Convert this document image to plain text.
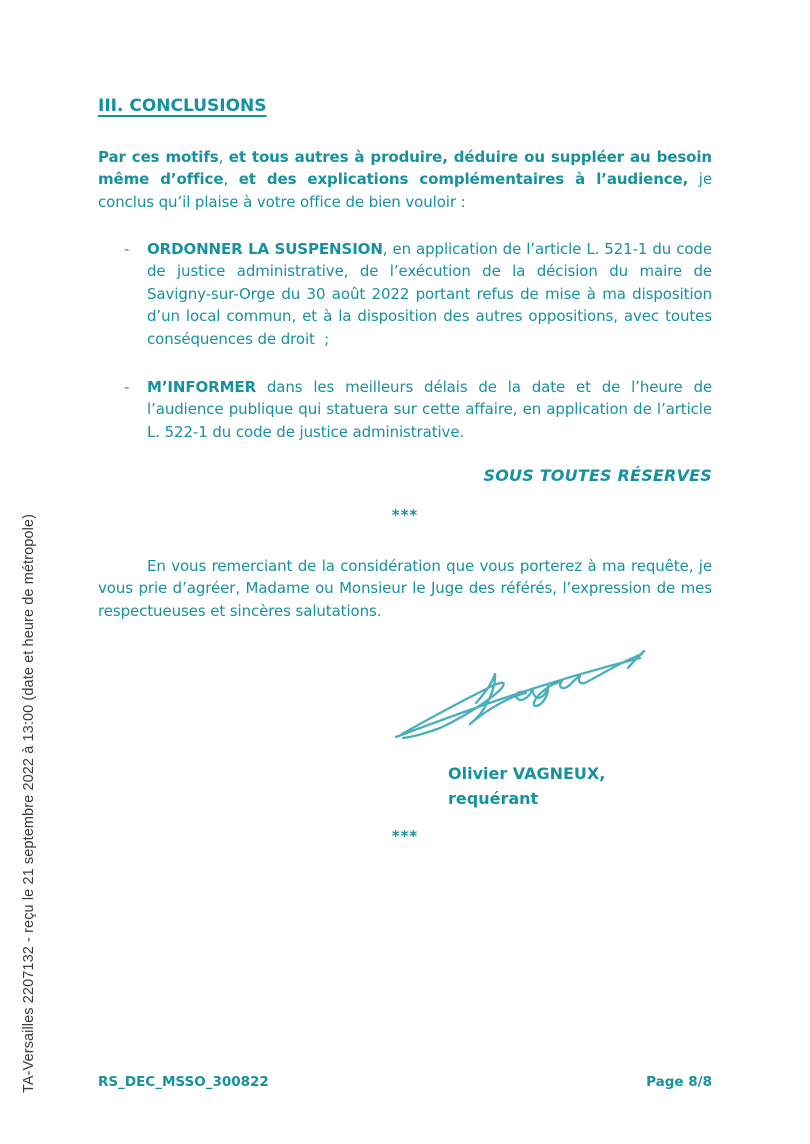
TA-Versailles 2207132 - reçu le 21 septembre 2022 à 13:00 (date et heure de métropole)
III. CONCLUSIONS

Par ces motifs, et tous autres à produire, déduire ou suppléer au besoin même d’office, et des explications complémentaires à l’audience, je conclus qu’il plaise à votre office de bien vouloir :

- ORDONNER LA SUSPENSION, en application de l’article L. 521-1 du code de justice administrative, de l’exécution de la décision du maire de Savigny-sur-Orge du 30 août 2022 portant refus de mise à ma disposition d’un local commun, et à la disposition des autres oppositions, avec toutes conséquences de droit  ;
- M’INFORMER dans les meilleurs délais de la date et de l’heure de l’audience publique qui statuera sur cette affaire, en application de l’article L. 522-1 du code de justice administrative.
SOUS TOUTES RÉSERVES
***

En vous remerciant de la considération que vous porterez à ma requête, je vous prie d’agréer, Madame ou Monsieur le Juge des référés, l’expression de mes respectueuses et sincères salutations.

Olivier VAGNEUX,
requérant
***
RS_DEC_MSSO_300822	Page 8/8
